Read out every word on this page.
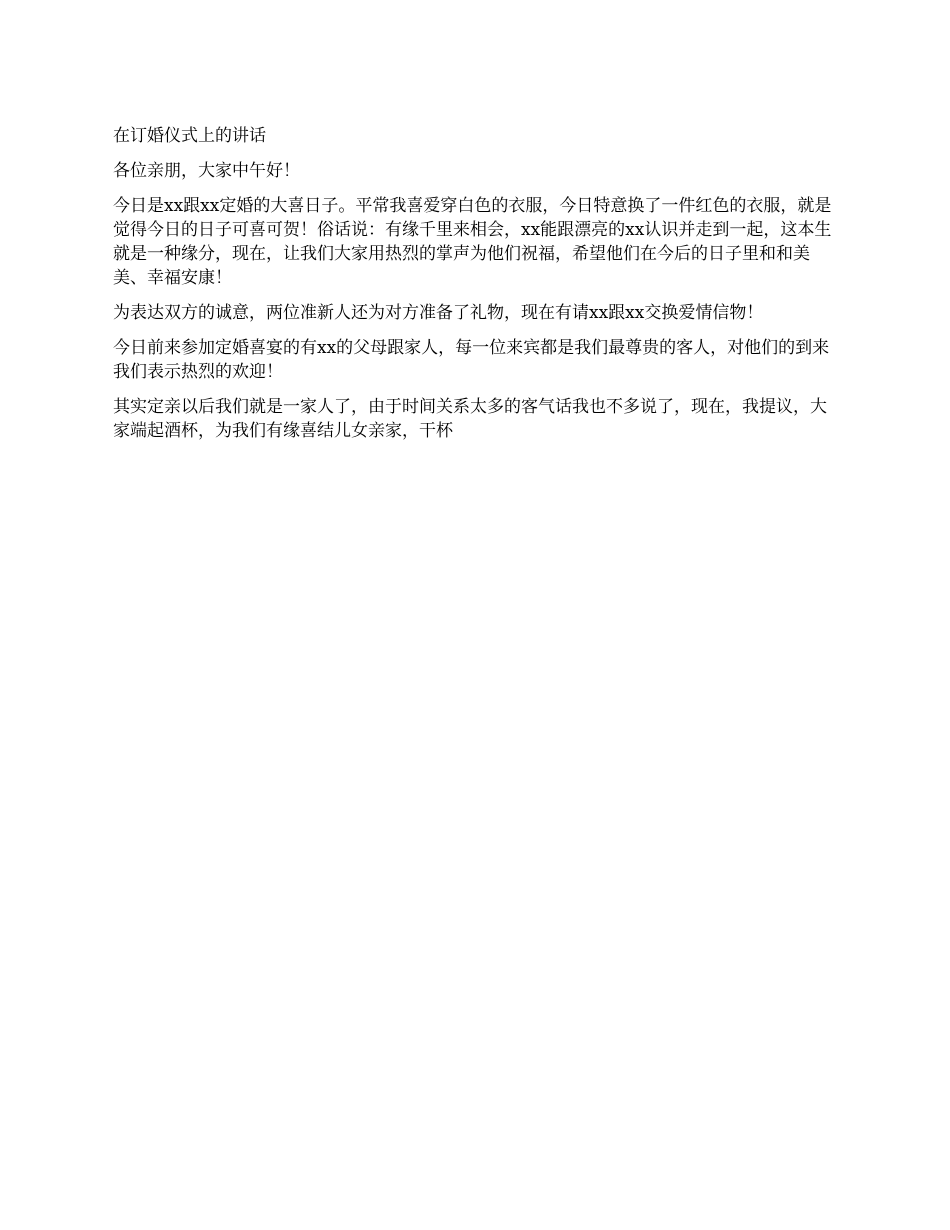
在订婚仪式上的讲话

各位亲朋，大家中午好！

今日是xx跟xx定婚的大喜日子。平常我喜爱穿白色的衣服，今日特意换了一件红色的衣服，就是觉得今日的日子可喜可贺！俗话说：有缘千里来相会，xx能跟漂亮的xx认识并走到一起，这本生就是一种缘分，现在，让我们大家用热烈的掌声为他们祝福，希望他们在今后的日子里和和美美、幸福安康！

为表达双方的诚意，两位准新人还为对方准备了礼物，现在有请xx跟xx交换爱情信物！

今日前来参加定婚喜宴的有xx的父母跟家人，每一位来宾都是我们最尊贵的客人，对他们的到来我们表示热烈的欢迎！

其实定亲以后我们就是一家人了，由于时间关系太多的客气话我也不多说了，现在，我提议，大家端起酒杯，为我们有缘喜结儿女亲家，干杯
